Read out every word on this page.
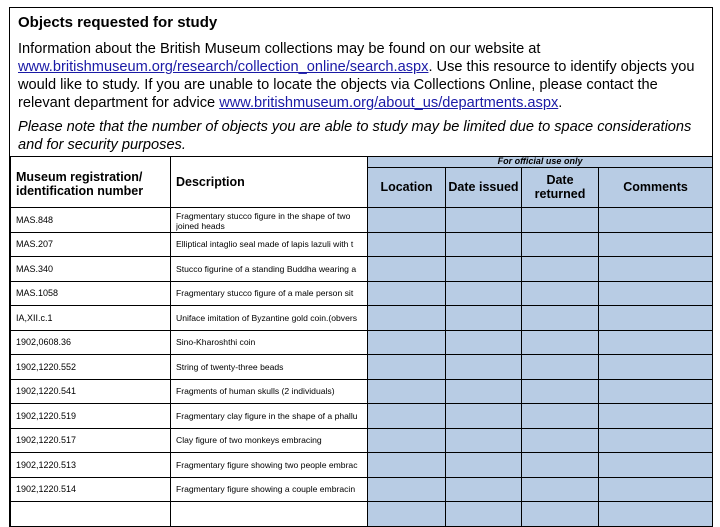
Objects requested for study
Information about the British Museum collections may be found on our website at www.britishmuseum.org/research/collection_online/search.aspx. Use this resource to identify objects you would like to study. If you are unable to locate the objects via Collections Online, please contact the relevant department for advice www.britishmuseum.org/about_us/departments.aspx.
Please note that the number of objects you are able to study may be limited due to space considerations and for security purposes.
Museum registration/ identification number	Description	For official use only			
		Location	Date issued	Date returned	Comments
MAS.848	Fragmentary stucco figure in the shape of two joined heads				

MAS.207	Elliptical intaglio seal made of lapis lazuli with t				
MAS.340	Stucco figurine of a standing Buddha wearing a				
MAS.1058	Fragmentary stucco figure of a male person sit				
IA,XII.c.1	Uniface imitation of Byzantine gold coin.(obvers				
1902,0608.36	Sino-Kharoshthi coin				
1902,1220.552	String of twenty-three beads				
1902,1220.541	Fragments of human skulls (2 individuals)				
1902,1220.519	Fragmentary clay figure in the shape of a phallu				
1902,1220.517	Clay figure of two monkeys embracing				
1902,1220.513	Fragmentary figure showing two people embrac				
1902,1220.514	Fragmentary figure showing a couple embracin				
